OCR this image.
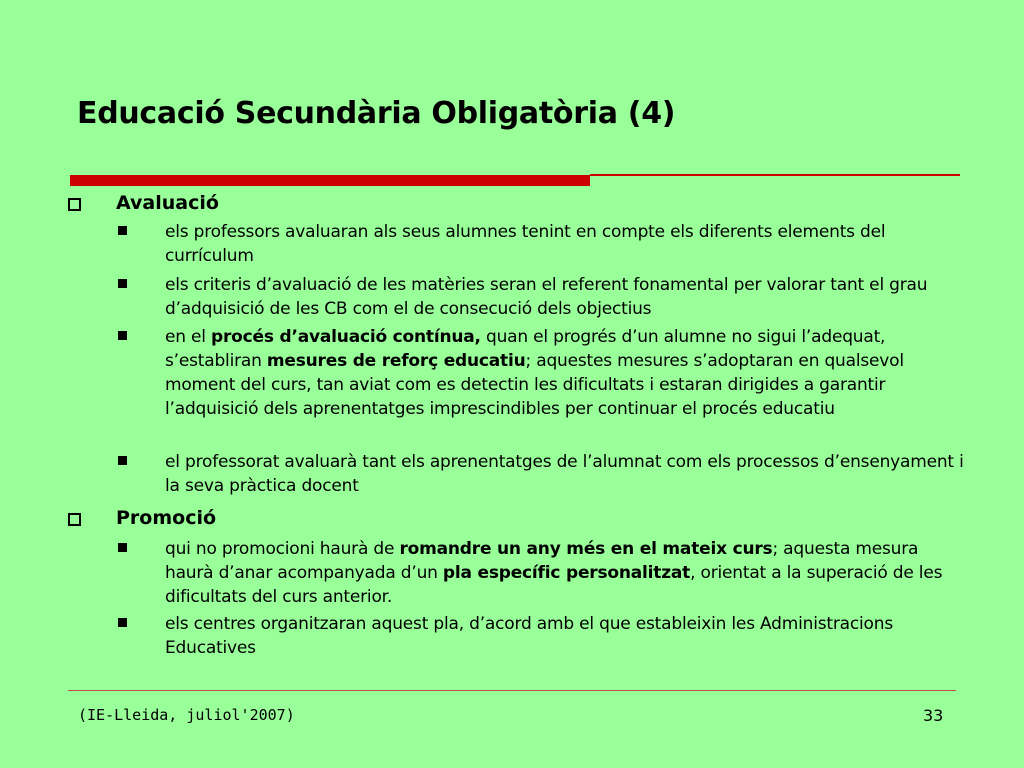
Educació Secundària Obligatòria (4)
Avaluació
els professors avaluaran als seus alumnes tenint en compte els diferents elements del currículum
els criteris d’avaluació de les matèries seran el referent fonamental per valorar tant el grau d’adquisició de les CB com el de consecució dels objectius
en el procés d’avaluació contínua, quan el progrés d’un alumne no sigui l’adequat, s’establiran mesures de reforç educatiu; aquestes mesures s’adoptaran en qualsevol moment del curs, tan aviat com es detectin les dificultats i estaran dirigides a garantir l’adquisició dels aprenentatges imprescindibles per continuar el procés educatiu
el professorat avaluarà tant els aprenentatges de l’alumnat com els processos d’ensenyament i la seva pràctica docent
Promoció
qui no promocioni haurà de romandre un any més en el mateix curs; aquesta mesura haurà d’anar acompanyada d’un pla específic personalitzat, orientat a la superació de les dificultats del curs anterior.
els centres organitzaran aquest pla, d’acord amb el que estableixin les Administracions Educatives
(IE-Lleida, juliol'2007)	33
